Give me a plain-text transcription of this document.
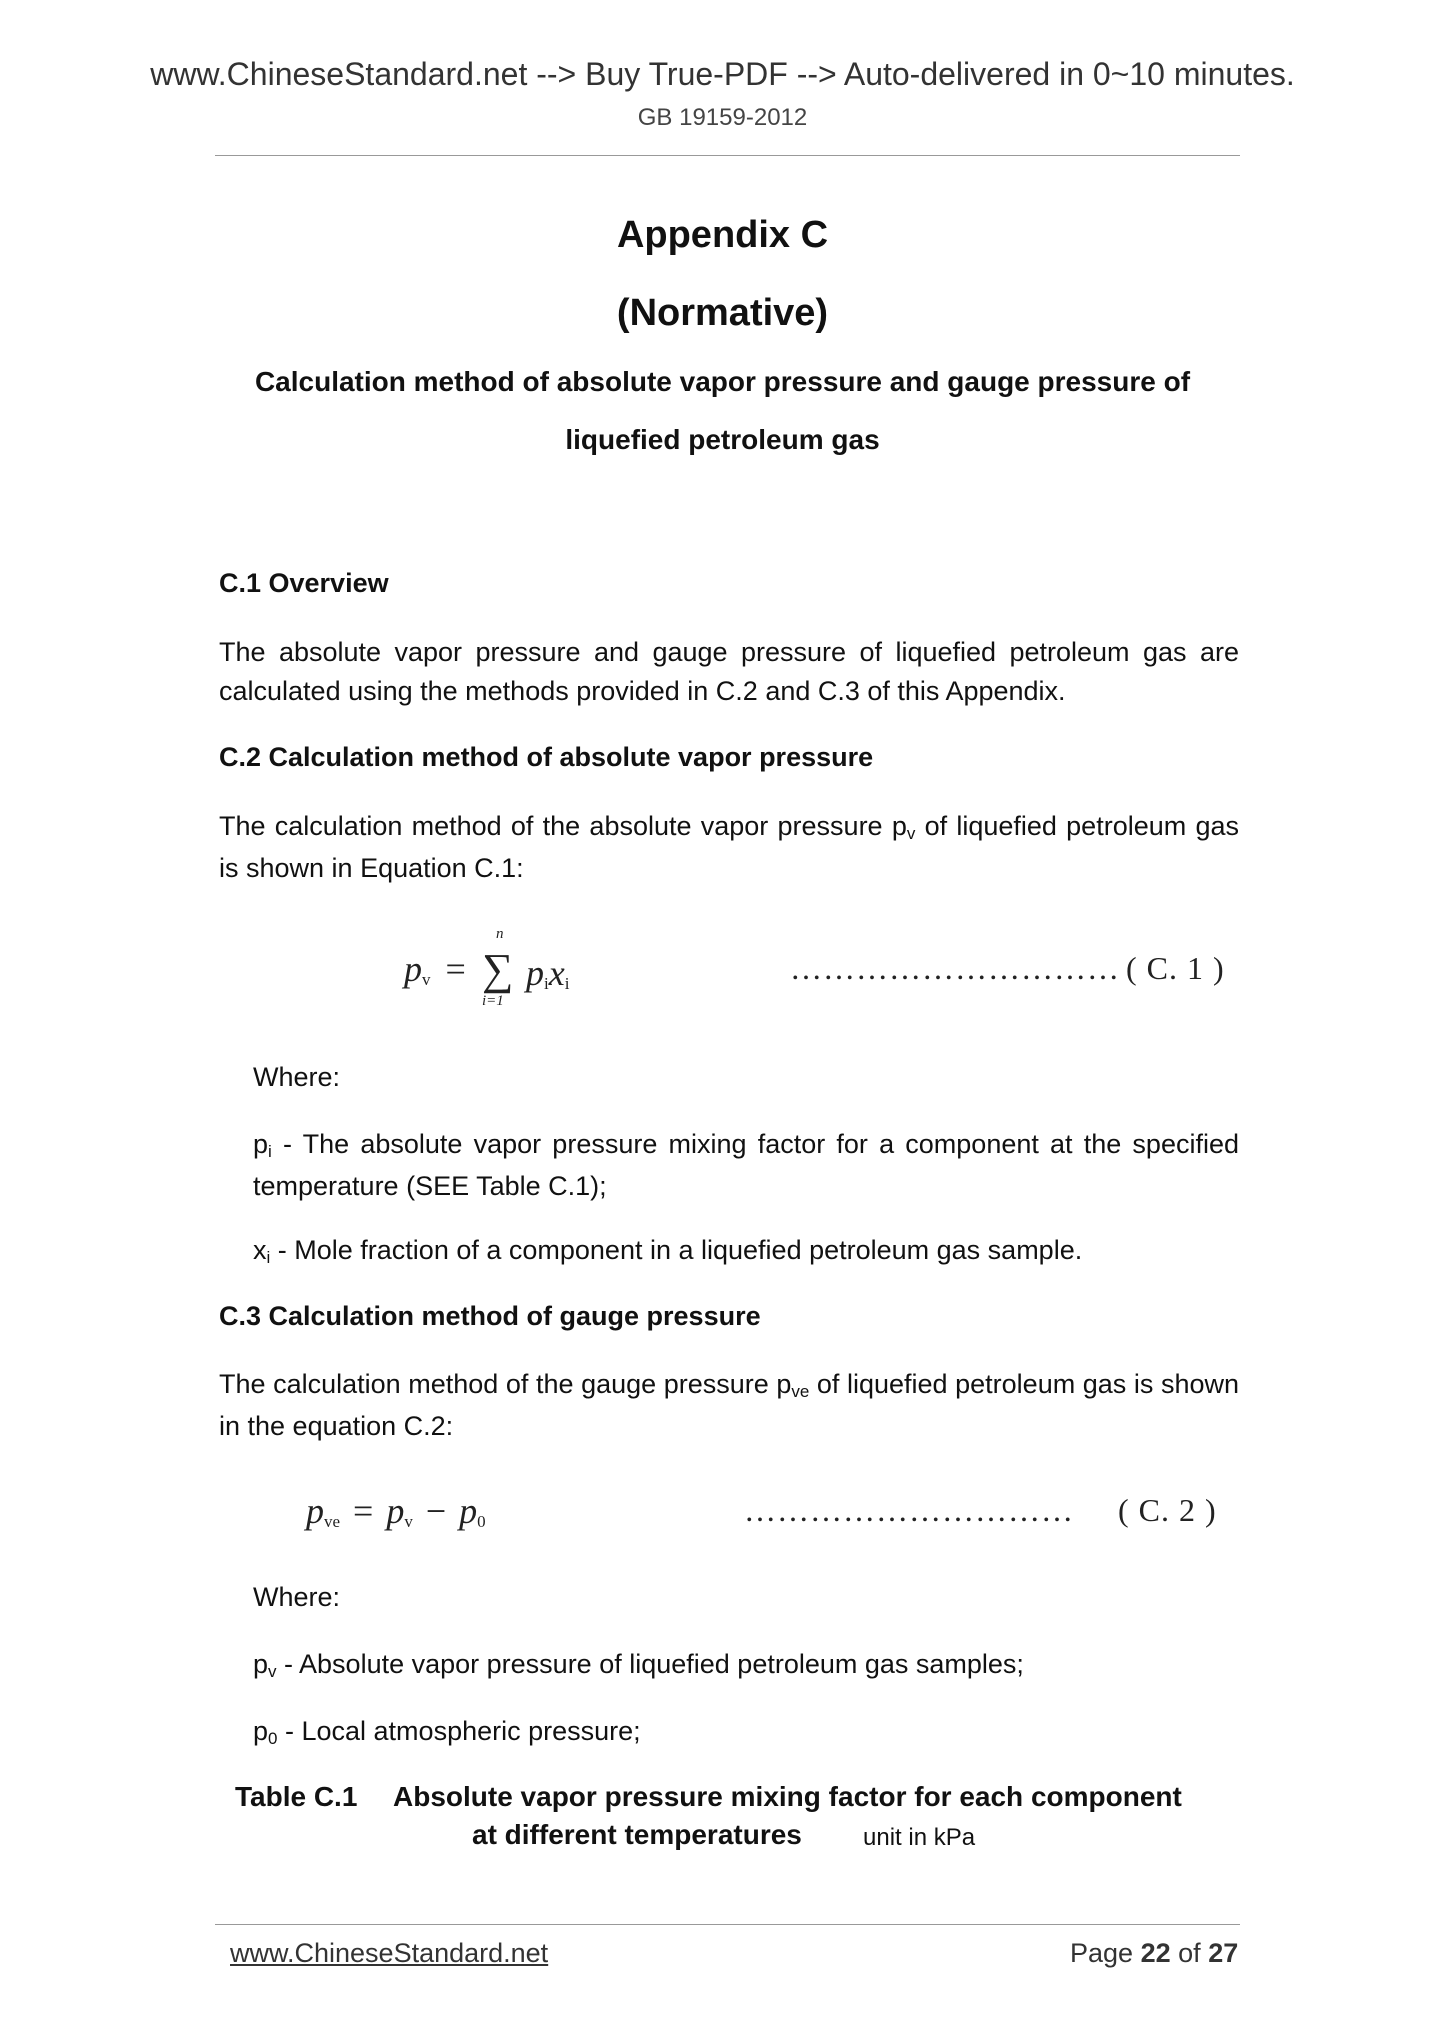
www.ChineseStandard.net --> Buy True-PDF --> Auto-delivered in 0~10 minutes.
GB 19159-2012
Appendix C
(Normative)
Calculation method of absolute vapor pressure and gauge pressure of
liquefied petroleum gas
C.1 Overview
The absolute vapor pressure and gauge pressure of liquefied petroleum gas are calculated using the methods provided in C.2 and C.3 of this Appendix.
C.2 Calculation method of absolute vapor pressure
The calculation method of the absolute vapor pressure $p_v$ of liquefied petroleum gas is shown in Equation C.1:
$p_v$ = ∑
n
i=1
$p_ix_i$	………………………… ( C. 1 )
Where:
$p_i$ - The absolute vapor pressure mixing factor for a component at the specified temperature (SEE Table C.1);
$x_i$ - Mole fraction of a component in a liquefied petroleum gas sample.
C.3 Calculation method of gauge pressure
The calculation method of the gauge pressure $p_{ve}$ of liquefied petroleum gas is shown in the equation C.2:
$p_{ve} = p_v - p_0$	………………………… ( C. 2 )
Where:
$p_v$ - Absolute vapor pressure of liquefied petroleum gas samples;
$p_0$ - Local atmospheric pressure;
Table C.1 Absolute vapor pressure mixing factor for each component
at different temperatures	unit in kPa
www.ChineseStandard.net	Page 22 of 27
